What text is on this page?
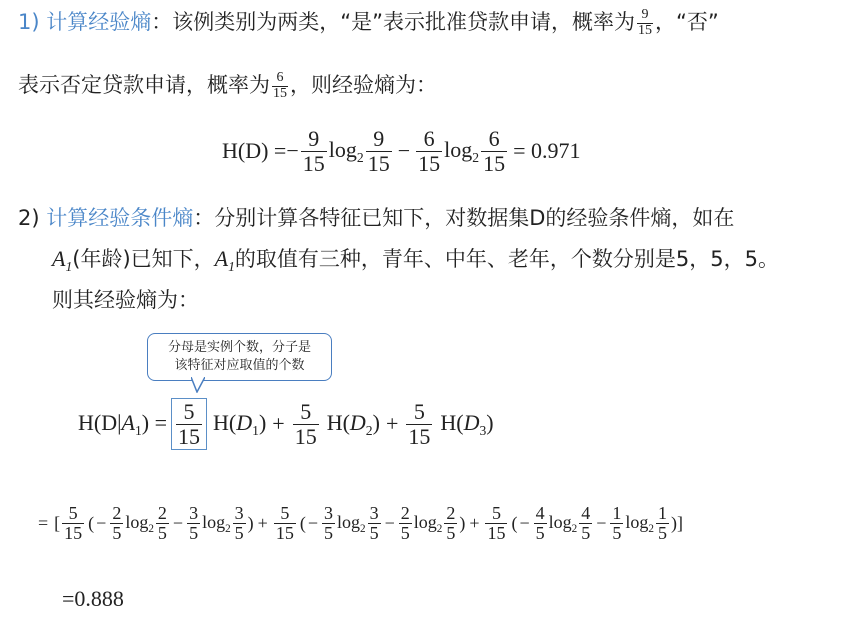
1) 计算经验熵：该例类别为两类，“是”表示批准贷款申请，概率为 $\frac{9}{15}$ ，“否”
表示否定贷款申请，概率为 $\frac{6}{15}$ ，则经验熵为：
H(D) = − $\frac{9}{15} \log_2 \frac{9}{15} - \frac{6}{15} \log_2 \frac{6}{15} = 0.971$
2) 计算经验条件熵：分别计算各特征已知下，对数据集D的经验条件熵，如在
$A_1$(年龄)已知下，$A_1$的取值有三种，青年、中年、老年，个数分别是5，5，5。
则其经验熵为：
分母是实例个数，分子是
该特征对应取值的个数
$H(D|A_1) = \frac{5}{15} H(D_1) + \frac{5}{15} H(D_2) + \frac{5}{15} H(D_3)$
= [ $\frac{5}{15}$ ( − $\frac{2}{5} \log_2 \frac{2}{5} - \frac{3}{5} \log_2 \frac{3}{5}$ ) + $\frac{5}{15}$ ( − $\frac{3}{5} \log_2 \frac{3}{5} - \frac{2}{5} \log_2 \frac{2}{5}$ ) + $\frac{5}{15}$ ( − $\frac{4}{5} \log_2 \frac{4}{5} - \frac{1}{5} \log_2 \frac{1}{5}$ ) ]
=0.888
